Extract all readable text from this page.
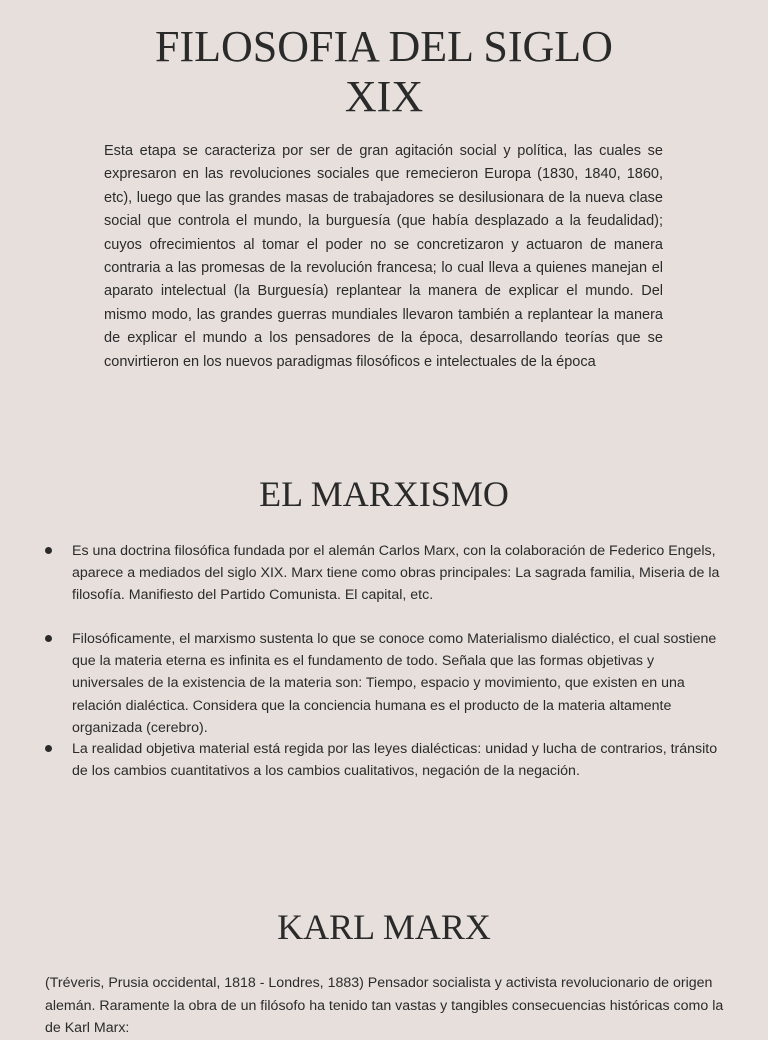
FILOSOFIA DEL SIGLO
XIX

Esta etapa se caracteriza por ser de gran agitación social y política, las cuales se expresaron en las revoluciones sociales que remecieron Europa (1830, 1840, 1860, etc), luego que las grandes masas de trabajadores se desilusionara de la nueva clase social que controla el mundo, la burguesía (que había desplazado a la feudalidad); cuyos ofrecimientos al tomar el poder no se concretizaron y actuaron de manera contraria a las promesas de la revolución francesa; lo cual lleva a quienes manejan el aparato intelectual (la Burguesía) replantear la manera de explicar el mundo. Del mismo modo, las grandes guerras mundiales llevaron también a replantear la manera de explicar el mundo a los pensadores de la época, desarrollando teorías que se convirtieron en los nuevos paradigmas filosóficos e intelectuales de la época

EL MARXISMO
Es una doctrina filosófica fundada por el alemán Carlos Marx, con la colaboración de Federico Engels, aparece a mediados del siglo XIX. Marx tiene como obras principales: La sagrada familia, Miseria de la filosofía. Manifiesto del Partido Comunista. El capital, etc.
Filosóficamente, el marxismo sustenta lo que se conoce como Materialismo dialéctico, el cual sostiene que la materia eterna es infinita es el fundamento de todo. Señala que las formas objetivas y universales de la existencia de la materia son: Tiempo, espacio y movimiento, que existen en una relación dialéctica. Considera que la conciencia humana es el producto de la materia altamente organizada (cerebro).
La realidad objetiva material está regida por las leyes dialécticas: unidad y lucha de contrarios, tránsito de los cambios cuantitativos a los cambios cualitativos, negación de la negación.
KARL MARX

(Tréveris, Prusia occidental, 1818 - Londres, 1883) Pensador socialista y activista revolucionario de origen alemán. Raramente la obra de un filósofo ha tenido tan vastas y tangibles consecuencias históricas como la de Karl Marx:
